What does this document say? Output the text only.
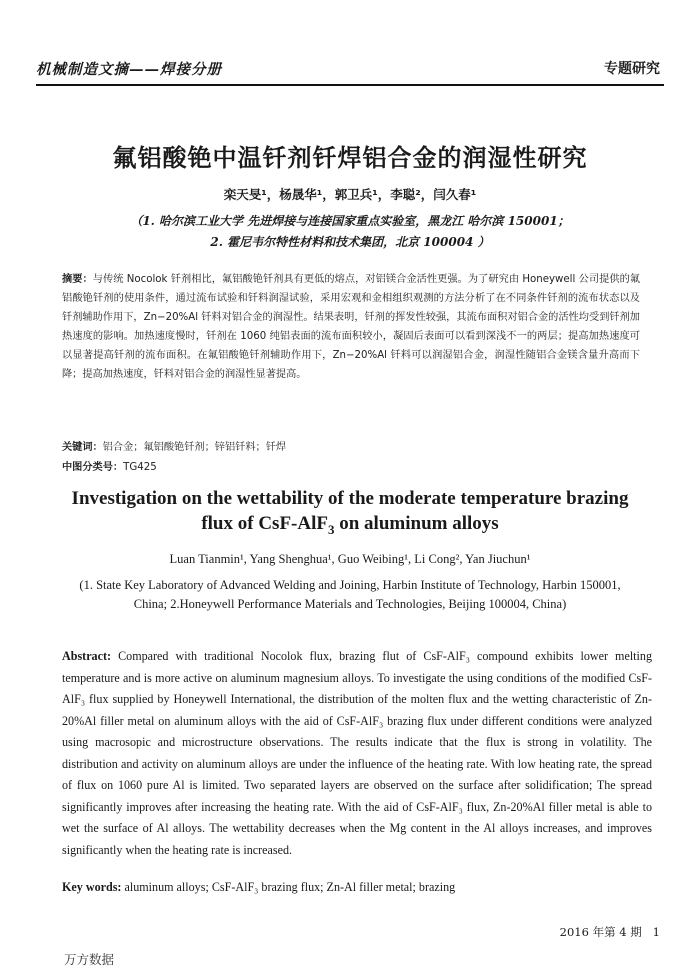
机械制造文摘——焊接分册	专题研究
氟铝酸铯中温钎剂钎焊铝合金的润湿性研究
栾天旻¹，杨晟华¹，郭卫兵¹，李聪²，闫久春¹
（1. 哈尔滨工业大学 先进焊接与连接国家重点实验室，黑龙江 哈尔滨 150001；
2. 霍尼韦尔特性材料和技术集团，北京 100004 ）
摘要：与传统 Nocolok 钎剂相比，氟铝酸铯钎剂具有更低的熔点，对铝镁合金活性更强。为了研究由 Honeywell 公司提供的氟铝酸铯钎剂的使用条件，通过流布试验和钎料润湿试验，采用宏观和金相组织观测的方法分析了在不同条件钎剂的流布状态以及钎剂辅助作用下，Zn−20%Al 钎料对铝合金的润湿性。结果表明，钎剂的挥发性较强，其流布面积对铝合金的活性均受到钎剂加热速度的影响。加热速度慢时，钎剂在 1060 纯铝表面的流布面积较小，凝固后表面可以看到深浅不一的两层；提高加热速度可以显著提高钎剂的流布面积。在氟铝酸铯钎剂辅助作用下，Zn−20%Al 钎料可以润湿铝合金，润湿性随铝合金镁含量升高而下降；提高加热速度，钎料对铝合金的润湿性显著提高。
关键词：铝合金；氟铝酸铯钎剂；锌铝钎料；钎焊
中图分类号：TG425
Investigation on the wettability of the moderate temperature brazing
flux of CsF-AlF$_3$ on aluminum alloys
Luan Tianmin¹, Yang Shenghua¹, Guo Weibing¹, Li Cong², Yan Jiuchun¹
(1. State Key Laboratory of Advanced Welding and Joining, Harbin Institute of Technology, Harbin 150001,
China; 2.Honeywell Performance Materials and Technologies, Beijing 100004, China)
Abstract: Compared with traditional Nocolok flux, brazing flut of CsF-AlF₃ compound exhibits lower melting temperature and is more active on aluminum magnesium alloys. To investigate the using conditions of the modified CsF-AlF₃ flux supplied by Honeywell International, the distribution of the molten flux and the wetting characteristic of Zn-20%Al filler metal on aluminum alloys with the aid of CsF-AlF₃ brazing flux under different conditions were analyzed using macrosopic and microstructure observations. The results indicate that the flux is strong in volatility. The distribution and activity on aluminum alloys are under the influence of the heating rate. With low heating rate, the spread of flux on 1060 pure Al is limited. Two separated layers are observed on the surface after solidification; The spread significantly improves after increasing the heating rate. With the aid of CsF-AlF₃ flux, Zn-20%Al filler metal is able to wet the surface of Al alloys. The wettability decreases when the Mg content in the Al alloys increases, and improves significantly when the heating rate is increased.
Key words: aluminum alloys; CsF-AlF₃ brazing flux; Zn-Al filler metal; brazing
2016 年第 4 期 1
万方数据
